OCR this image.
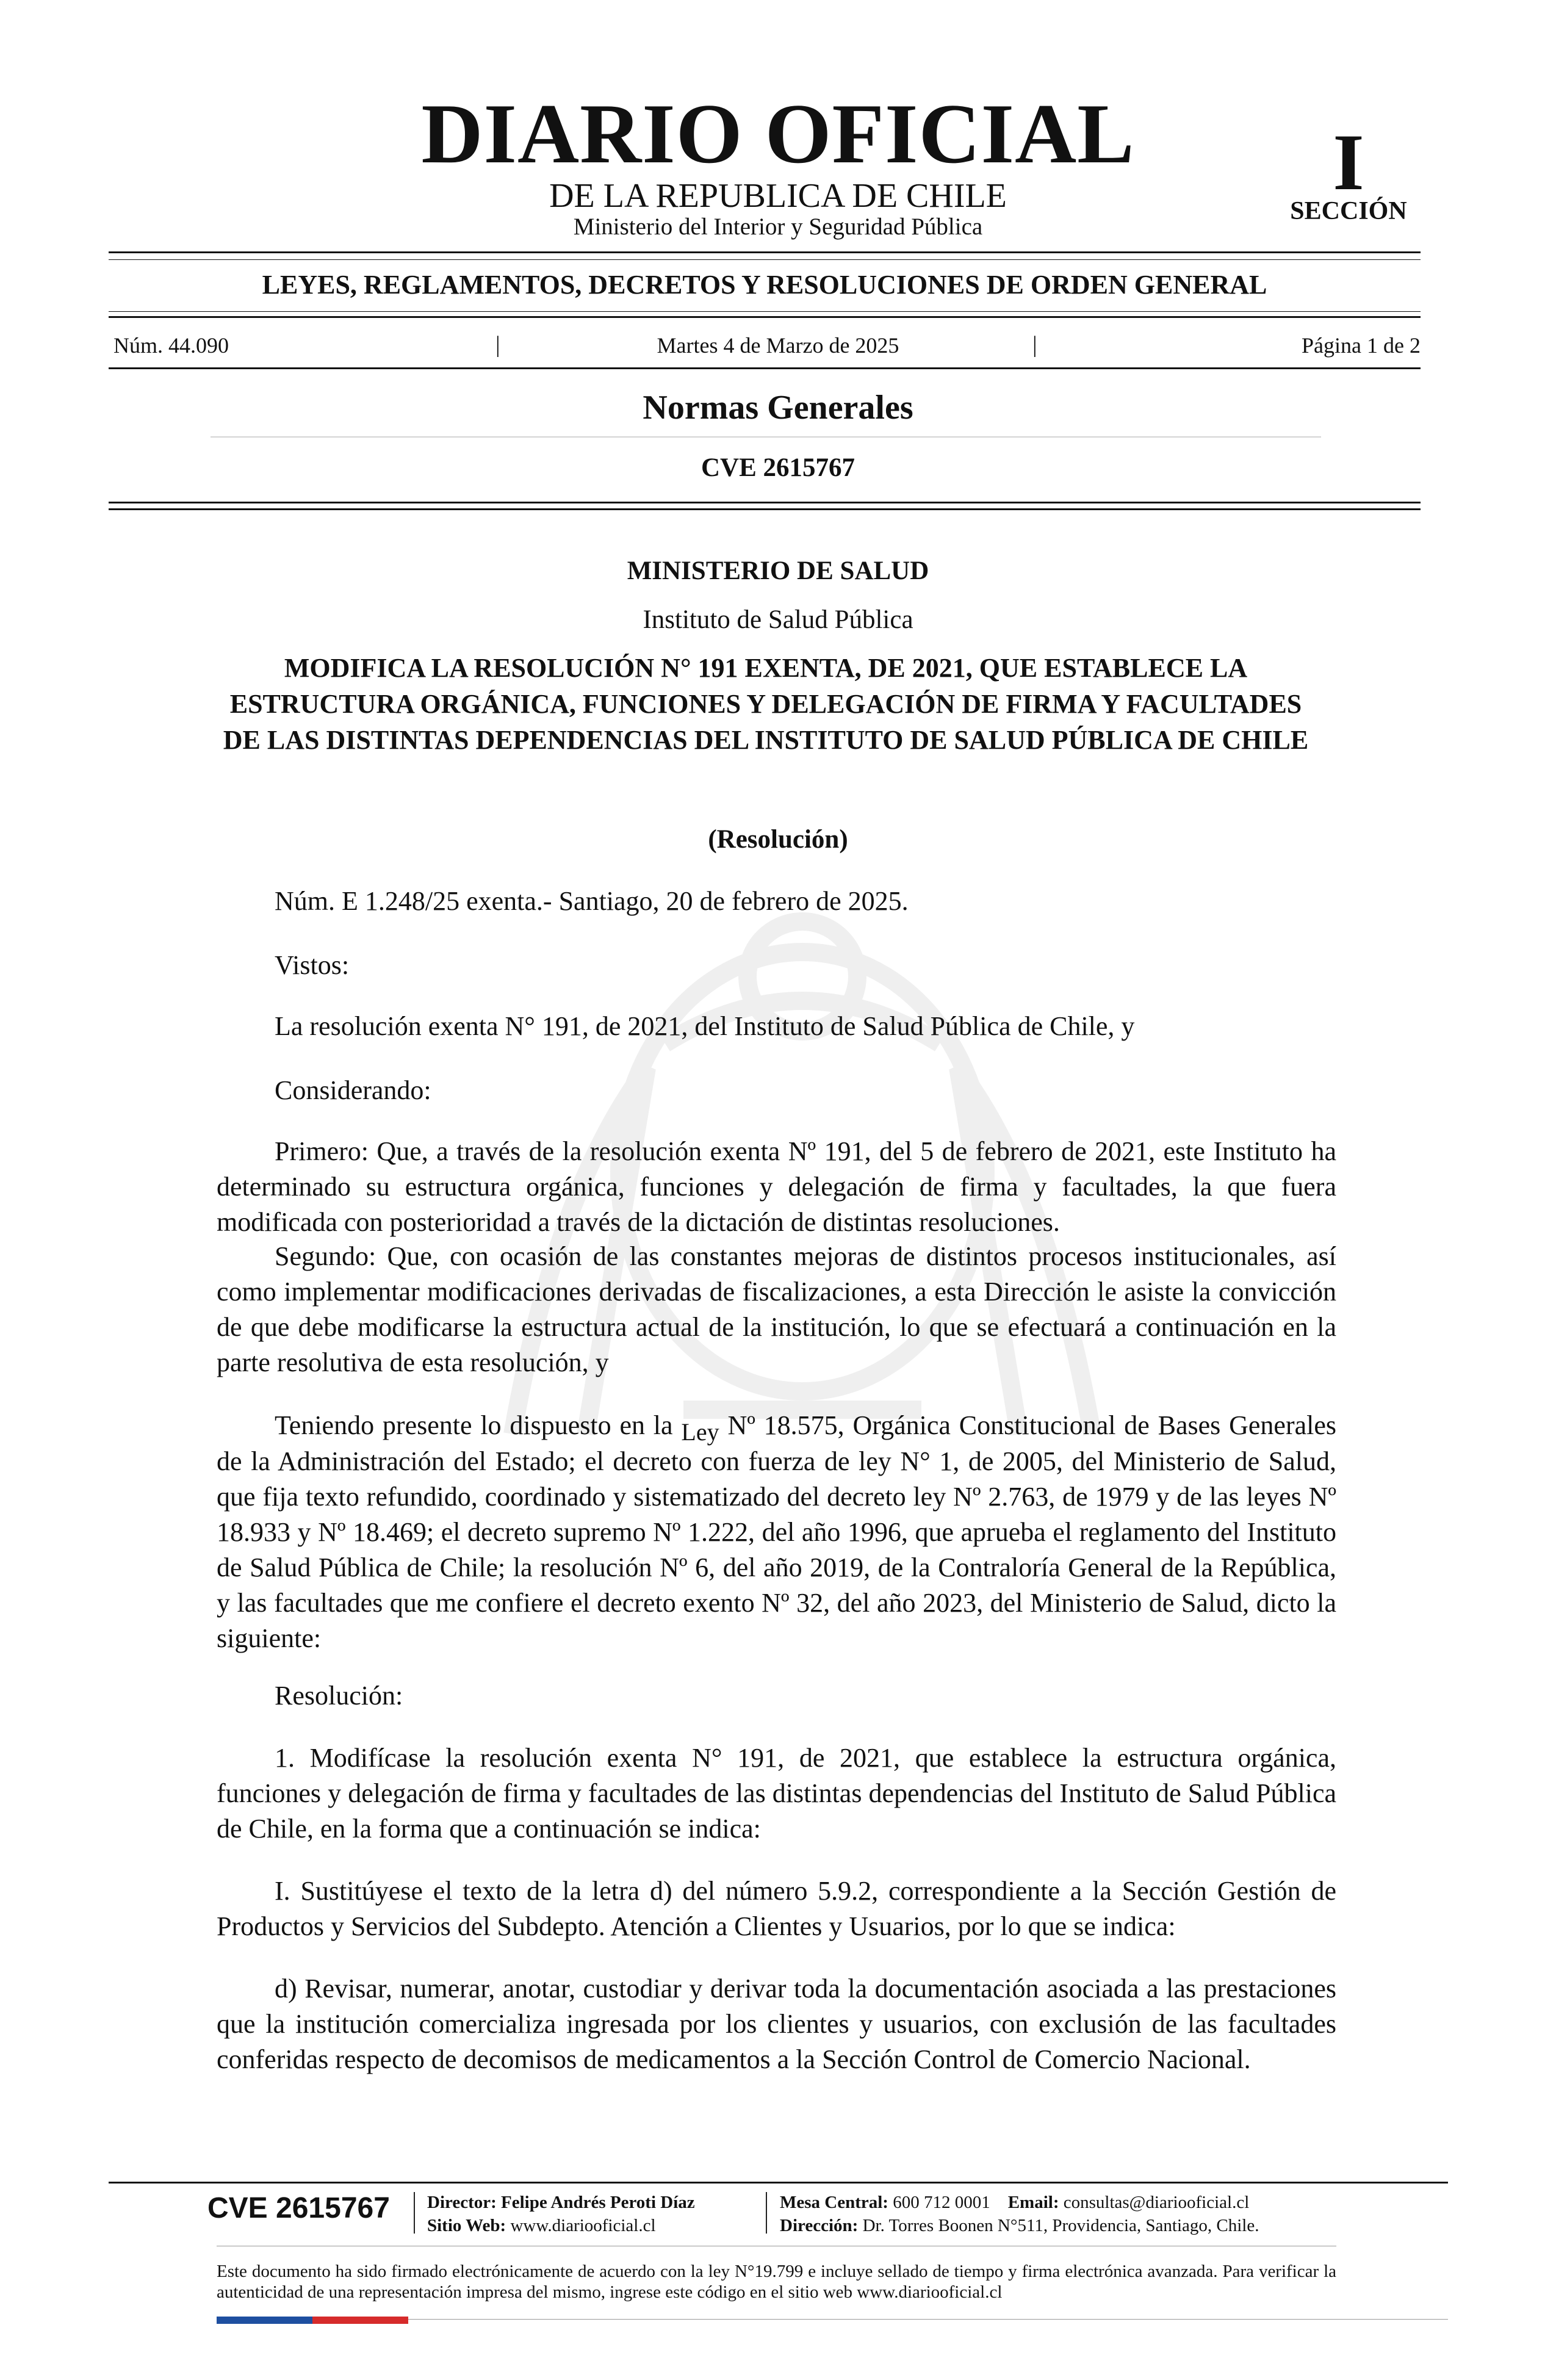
DIARIO OFICIAL
DE LA REPUBLICA DE CHILE
Ministerio del Interior y Seguridad Pública
I
SECCIÓN
LEYES, REGLAMENTOS, DECRETOS Y RESOLUCIONES DE ORDEN GENERAL
Núm. 44.090	|	Martes 4 de Marzo de 2025	|	Página 1 de 2
Normas Generales
CVE 2615767
MINISTERIO DE SALUD
Instituto de Salud Pública
MODIFICA LA RESOLUCIÓN N° 191 EXENTA, DE 2021, QUE ESTABLECE LA ESTRUCTURA ORGÁNICA, FUNCIONES Y DELEGACIÓN DE FIRMA Y FACULTADES DE LAS DISTINTAS DEPENDENCIAS DEL INSTITUTO DE SALUD PÚBLICA DE CHILE
(Resolución)
Núm. E 1.248/25 exenta.- Santiago, 20 de febrero de 2025.
Vistos:
La resolución exenta N° 191, de 2021, del Instituto de Salud Pública de Chile, y
Considerando:
Primero: Que, a través de la resolución exenta Nº 191, del 5 de febrero de 2021, este Instituto ha determinado su estructura orgánica, funciones y delegación de firma y facultades, la que fuera modificada con posterioridad a través de la dictación de distintas resoluciones.
Segundo: Que, con ocasión de las constantes mejoras de distintos procesos institucionales, así como implementar modificaciones derivadas de fiscalizaciones, a esta Dirección le asiste la convicción de que debe modificarse la estructura actual de la institución, lo que se efectuará a continuación en la parte resolutiva de esta resolución, y
Teniendo presente lo dispuesto en la Ley Nº 18.575, Orgánica Constitucional de Bases Generales de la Administración del Estado; el decreto con fuerza de ley N° 1, de 2005, del Ministerio de Salud, que fija texto refundido, coordinado y sistematizado del decreto ley Nº 2.763, de 1979 y de las leyes Nº 18.933 y Nº 18.469; el decreto supremo Nº 1.222, del año 1996, que aprueba el reglamento del Instituto de Salud Pública de Chile; la resolución Nº 6, del año 2019, de la Contraloría General de la República, y las facultades que me confiere el decreto exento Nº 32, del año 2023, del Ministerio de Salud, dicto la siguiente:
Resolución:
1. Modifícase la resolución exenta N° 191, de 2021, que establece la estructura orgánica, funciones y delegación de firma y facultades de las distintas dependencias del Instituto de Salud Pública de Chile, en la forma que a continuación se indica:
I. Sustitúyese el texto de la letra d) del número 5.9.2, correspondiente a la Sección Gestión de Productos y Servicios del Subdepto. Atención a Clientes y Usuarios, por lo que se indica:
d) Revisar, numerar, anotar, custodiar y derivar toda la documentación asociada a las prestaciones que la institución comercializa ingresada por los clientes y usuarios, con exclusión de las facultades conferidas respecto de decomisos de medicamentos a la Sección Control de Comercio Nacional.
CVE 2615767 Director: Felipe Andrés Peroti Díaz
Sitio Web: www.diariooficial.cl
Mesa Central: 600 712 0001 Email: consultas@diariooficial.cl
Dirección: Dr. Torres Boonen N°511, Providencia, Santiago, Chile.
Este documento ha sido firmado electrónicamente de acuerdo con la ley N°19.799 e incluye sellado de tiempo y firma electrónica avanzada. Para verificar la autenticidad de una representación impresa del mismo, ingrese este código en el sitio web www.diariooficial.cl
